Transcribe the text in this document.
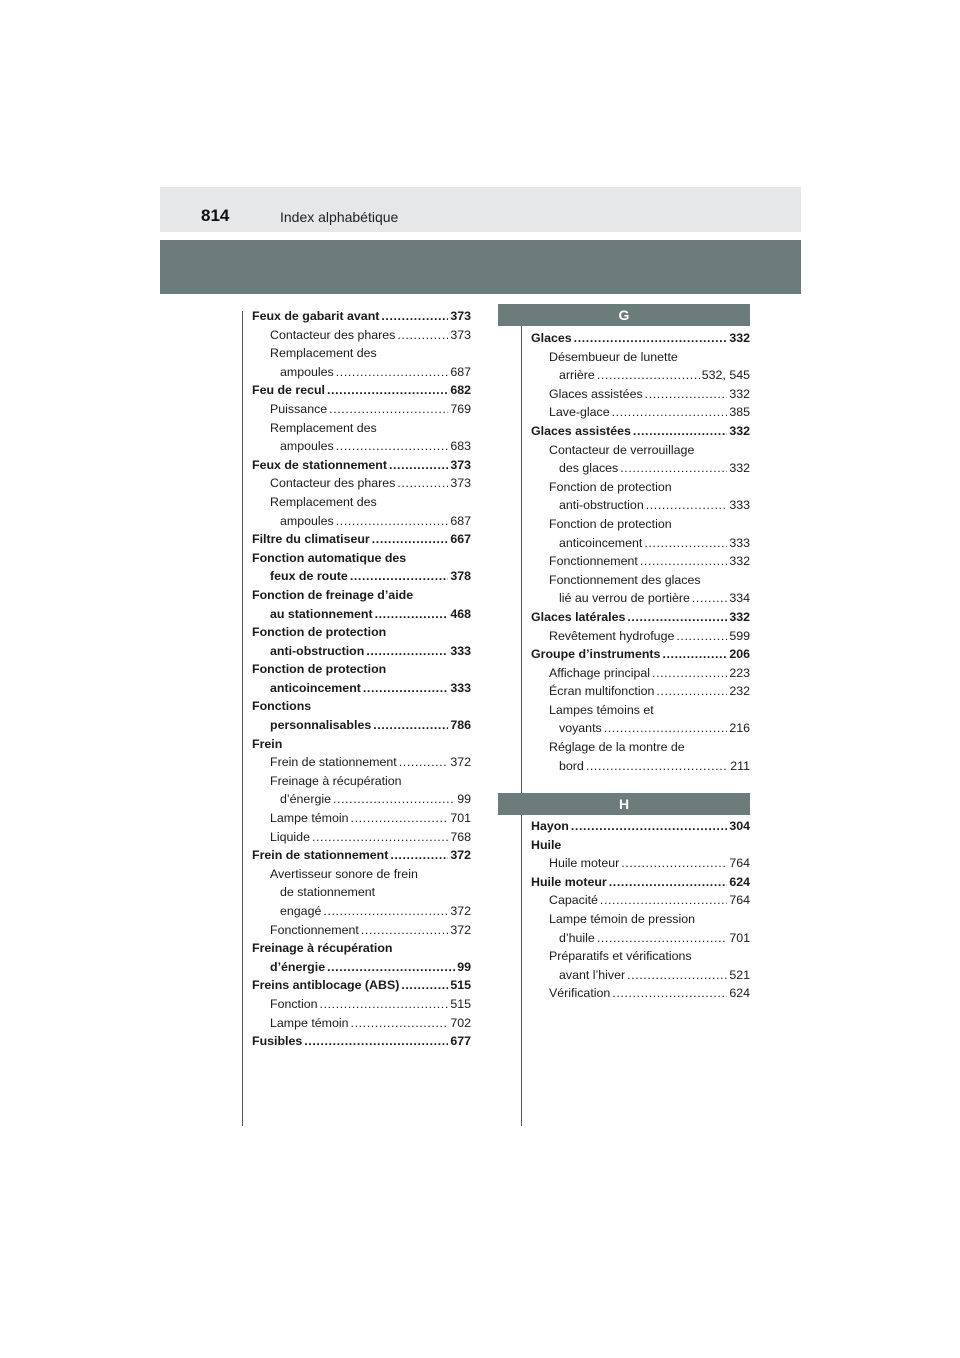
814	Index alphabétique
Feux de gabarit avant .....	373
Contacteur des phares .....	373
Remplacement des
ampoules .....	687
Feu de recul .....	682
Puissance .....	769
Remplacement des
ampoules .....	683
Feux de stationnement .....	373
Contacteur des phares .....	373
Remplacement des
ampoules .....	687
Filtre du climatiseur .....	667
Fonction automatique des
feux de route .....	378
Fonction de freinage d’aide
au stationnement .....	468
Fonction de protection
anti-obstruction .....	333
Fonction de protection
anticoincement .....	333
Fonctions
personnalisables .....	786
Frein
Frein de stationnement .....	372
Freinage à récupération
d’énergie .....	99
Lampe témoin .....	701
Liquide .....	768
Frein de stationnement .....	372
Avertisseur sonore de frein
de stationnement
engagé .....	372
Fonctionnement .....	372
Freinage à récupération
d’énergie .....	99
Freins antiblocage (ABS) .....	515
Fonction .....	515
Lampe témoin .....	702
Fusibles .....	677
G
Glaces .....	332
Désembueur de lunette
arrière .....	532, 545
Glaces assistées .....	332
Lave-glace .....	385
Glaces assistées .....	332
Contacteur de verrouillage
des glaces .....	332
Fonction de protection
anti-obstruction .....	333
Fonction de protection
anticoincement .....	333
Fonctionnement .....	332
Fonctionnement des glaces
lié au verrou de portière .....	334
Glaces latérales .....	332
Revêtement hydrofuge .....	599
Groupe d’instruments .....	206
Affichage principal .....	223
Écran multifonction .....	232
Lampes témoins et
voyants .....	216
Réglage de la montre de
bord .....	211
H
Hayon .....	304
Huile
Huile moteur .....	764
Huile moteur .....	624
Capacité .....	764
Lampe témoin de pression
d’huile .....	701
Préparatifs et vérifications
avant l’hiver .....	521
Vérification .....	624
